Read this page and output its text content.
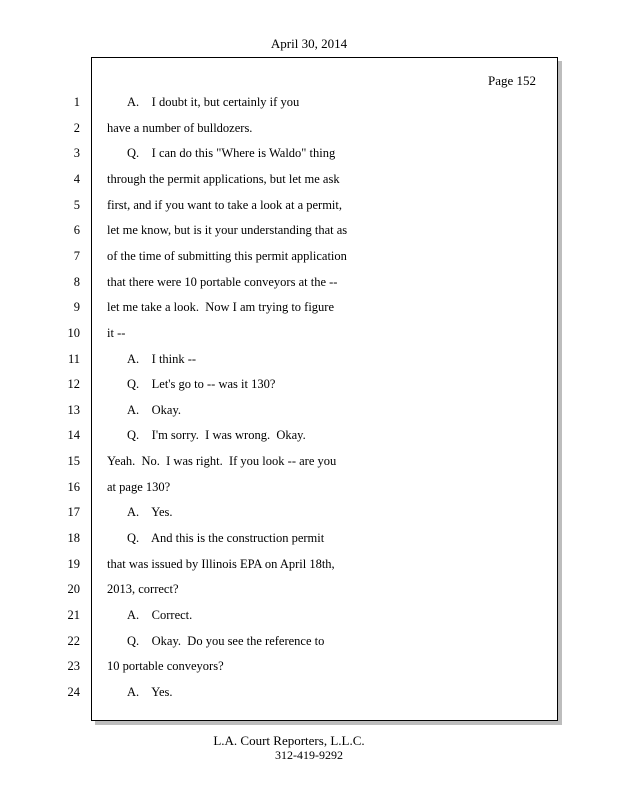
April 30, 2014
Page 152
1	A.    I doubt it, but certainly if you
2 have a number of bulldozers.
3	Q.    I can do this "Where is Waldo" thing
4 through the permit applications, but let me ask
5 first, and if you want to take a look at a permit,
6 let me know, but is it your understanding that as
7 of the time of submitting this permit application
8 that there were 10 portable conveyors at the --
9 let me take a look.  Now I am trying to figure
10 it --
11	A.    I think --
12	Q.    Let's go to -- was it 130?
13	A.    Okay.
14	Q.    I'm sorry.  I was wrong.  Okay.
15 Yeah.  No.  I was right.  If you look -- are you
16 at page 130?
17	A.    Yes.
18	Q.    And this is the construction permit
19 that was issued by Illinois EPA on April 18th,
20 2013, correct?
21	A.    Correct.
22	Q.    Okay.  Do you see the reference to
23 10 portable conveyors?
24	A.    Yes.
L.A. Court Reporters, L.L.C.
312-419-9292
